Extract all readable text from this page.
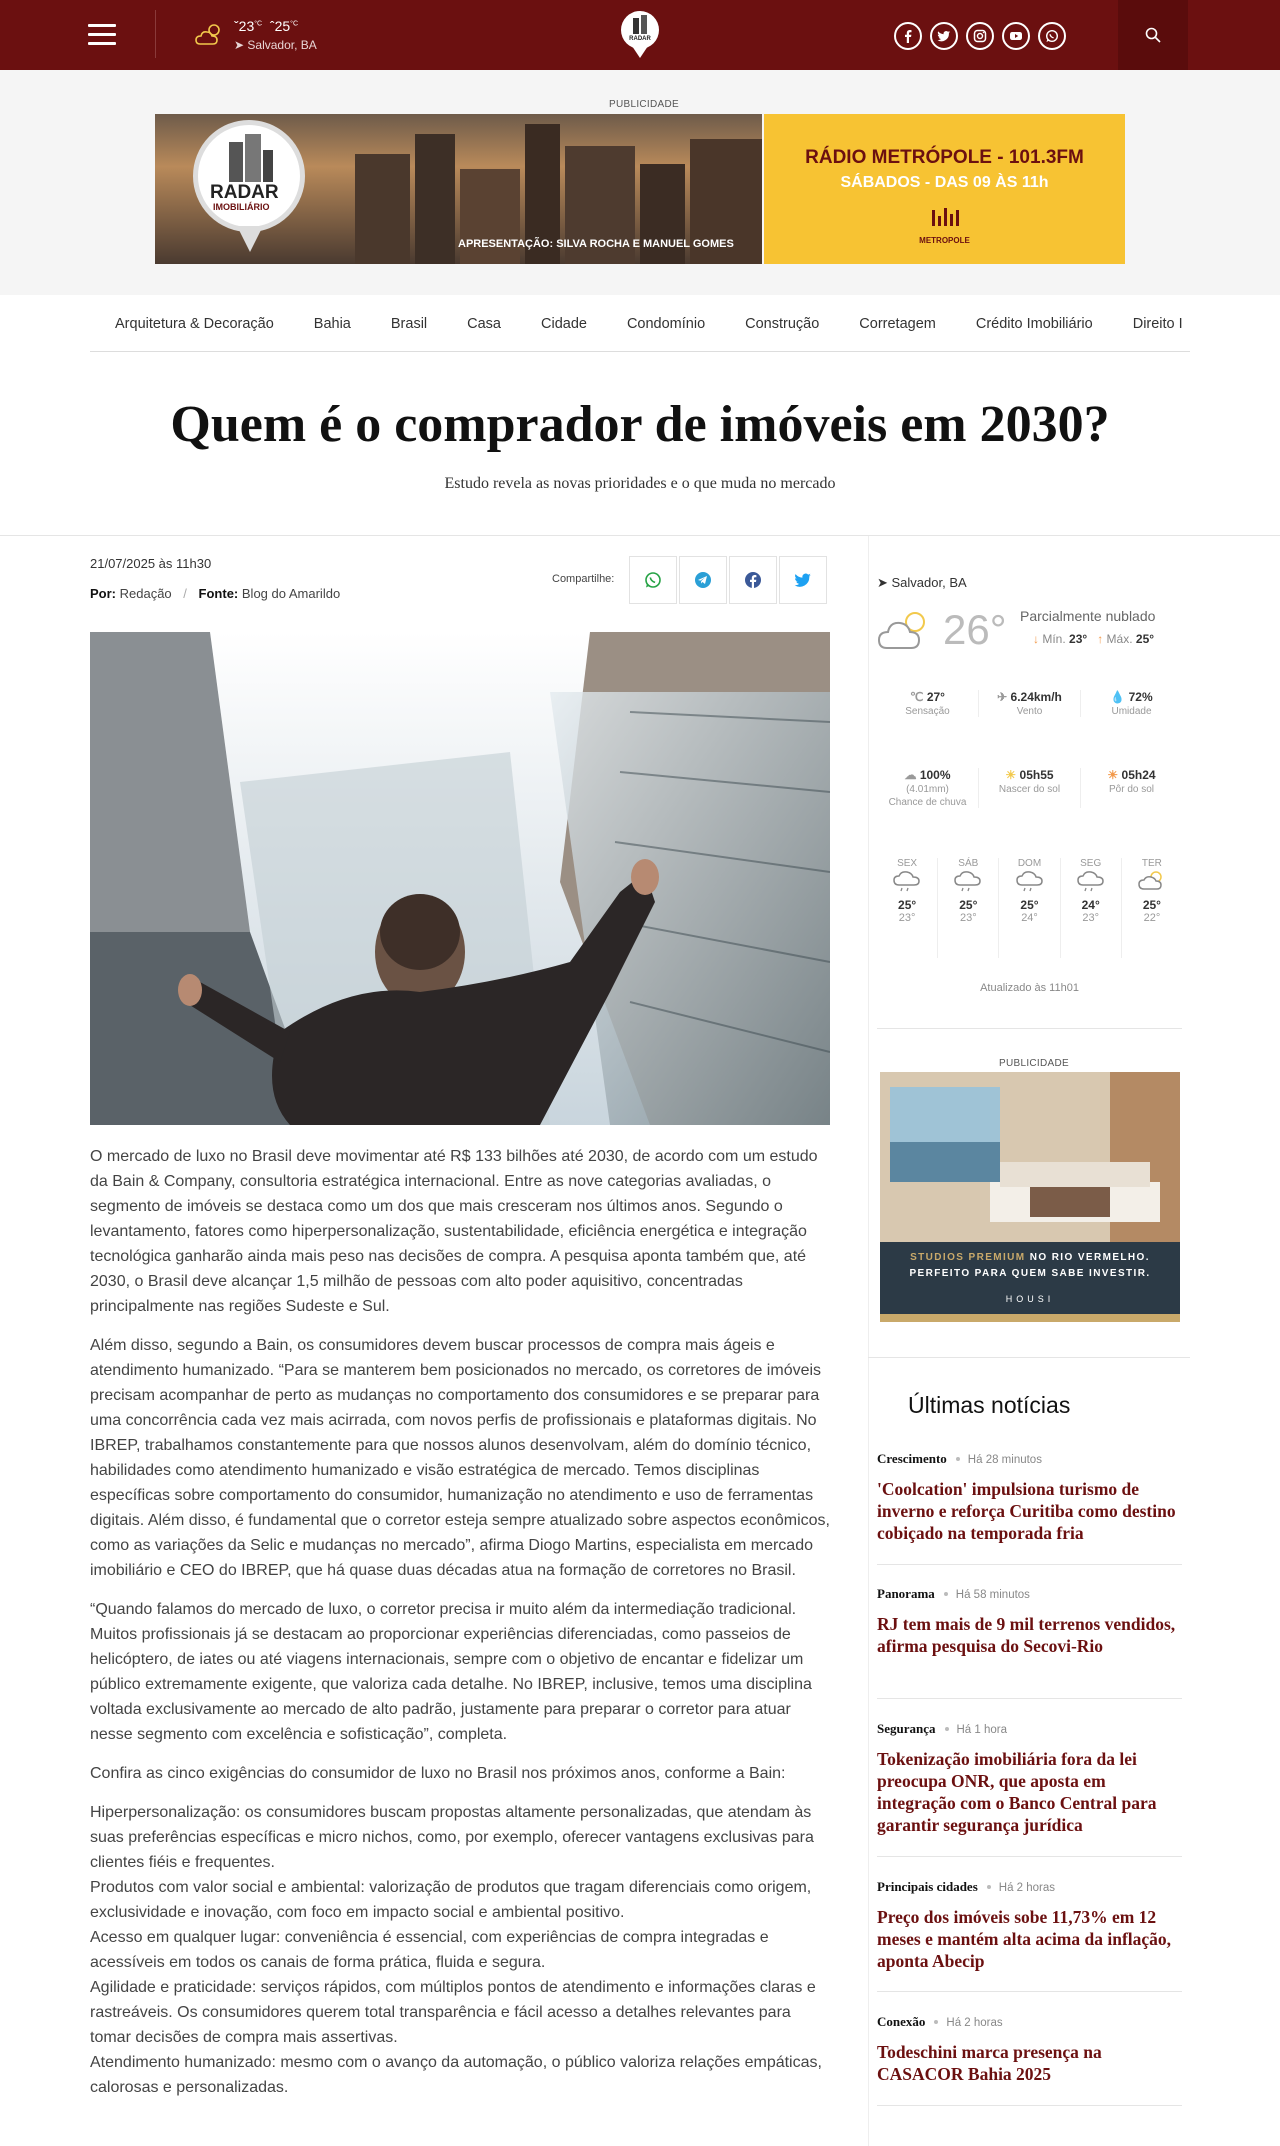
$ˇ23^{^\circ C}$ $ˆ25^{^\circ C}$
➤ Salvador, BA	RADAR
PUBLICIDADE
RADAR
IMOBILIÁRIO
APRESENTAÇÃO: SILVA ROCHA E MANUEL GOMES
RÁDIO METRÓPOLE - 101.3FM
SÁBADOS - DAS 09 ÀS 11h
METROPOLE
Arquitetura & Decoração	Bahia	Brasil	Casa	Cidade	Condomínio	Construção	Corretagem	Crédito Imobiliário	Direito I
Quem é o comprador de imóveis em 2030?
Estudo revela as novas prioridades e o que muda no mercado
21/07/2025 às 11h30
Por: Redação / Fonte: Blog do Amarildo
Compartilhe:

O mercado de luxo no Brasil deve movimentar até R$ 133 bilhões até 2030, de acordo com um estudo da Bain & Company, consultoria estratégica internacional. Entre as nove categorias avaliadas, o segmento de imóveis se destaca como um dos que mais cresceram nos últimos anos. Segundo o levantamento, fatores como hiperpersonalização, sustentabilidade, eficiência energética e integração tecnológica ganharão ainda mais peso nas decisões de compra. A pesquisa aponta também que, até 2030, o Brasil deve alcançar 1,5 milhão de pessoas com alto poder aquisitivo, concentradas principalmente nas regiões Sudeste e Sul.

Além disso, segundo a Bain, os consumidores devem buscar processos de compra mais ágeis e atendimento humanizado. “Para se manterem bem posicionados no mercado, os corretores de imóveis precisam acompanhar de perto as mudanças no comportamento dos consumidores e se preparar para uma concorrência cada vez mais acirrada, com novos perfis de profissionais e plataformas digitais. No IBREP, trabalhamos constantemente para que nossos alunos desenvolvam, além do domínio técnico, habilidades como atendimento humanizado e visão estratégica de mercado. Temos disciplinas específicas sobre comportamento do consumidor, humanização no atendimento e uso de ferramentas digitais. Além disso, é fundamental que o corretor esteja sempre atualizado sobre aspectos econômicos, como as variações da Selic e mudanças no mercado”, afirma Diogo Martins, especialista em mercado imobiliário e CEO do IBREP, que há quase duas décadas atua na formação de corretores no Brasil.

“Quando falamos do mercado de luxo, o corretor precisa ir muito além da intermediação tradicional. Muitos profissionais já se destacam ao proporcionar experiências diferenciadas, como passeios de helicóptero, de iates ou até viagens internacionais, sempre com o objetivo de encantar e fidelizar um público extremamente exigente, que valoriza cada detalhe. No IBREP, inclusive, temos uma disciplina voltada exclusivamente ao mercado de alto padrão, justamente para preparar o corretor para atuar nesse segmento com excelência e sofisticação”, completa.

Confira as cinco exigências do consumidor de luxo no Brasil nos próximos anos, conforme a Bain:

Hiperpersonalização: os consumidores buscam propostas altamente personalizadas, que atendam às suas preferências específicas e micro nichos, como, por exemplo, oferecer vantagens exclusivas para clientes fiéis e frequentes.

Produtos com valor social e ambiental: valorização de produtos que tragam diferenciais como origem, exclusividade e inovação, com foco em impacto social e ambiental positivo.

Acesso em qualquer lugar: conveniência é essencial, com experiências de compra integradas e acessíveis em todos os canais de forma prática, fluida e segura.

Agilidade e praticidade: serviços rápidos, com múltiplos pontos de atendimento e informações claras e rastreáveis. Os consumidores querem total transparência e fácil acesso a detalhes relevantes para tomar decisões de compra mais assertivas.

Atendimento humanizado: mesmo com o avanço da automação, o público valoriza relações empáticas, calorosas e personalizadas.

➤ Salvador, BA
26° Parcialmente nublado
↓ Mín. 23° ↑ Máx. 25°
℃ 27°
Sensação
✈ 6.24km/h
Vento
💧 72%
Umidade
☁ 100%
(4.01mm)
Chance de chuva
☀ 05h55
Nascer do sol
☀ 05h24
Pôr do sol
SEX
25°
23°
SÁB
25°
23°
DOM
25°
24°
SEG
24°
23°
TER
25°
22°
Atualizado às 11h01
PUBLICIDADE
STUDIOS PREMIUM NO RIO VERMELHO.
PERFEITO PARA QUEM SABE INVESTIR.
HOUSI
Últimas notícias
Crescimento Há 28 minutos
'Coolcation' impulsiona turismo de inverno e reforça Curitiba como destino cobiçado na temporada fria
Panorama Há 58 minutos
RJ tem mais de 9 mil terrenos vendidos, afirma pesquisa do Secovi-Rio
Segurança Há 1 hora
Tokenização imobiliária fora da lei preocupa ONR, que aposta em integração com o Banco Central para garantir segurança jurídica
Principais cidades Há 2 horas
Preço dos imóveis sobe 11,73% em 12 meses e mantém alta acima da inflação, aponta Abecip
Conexão Há 2 horas
Todeschini marca presença na CASACOR Bahia 2025
